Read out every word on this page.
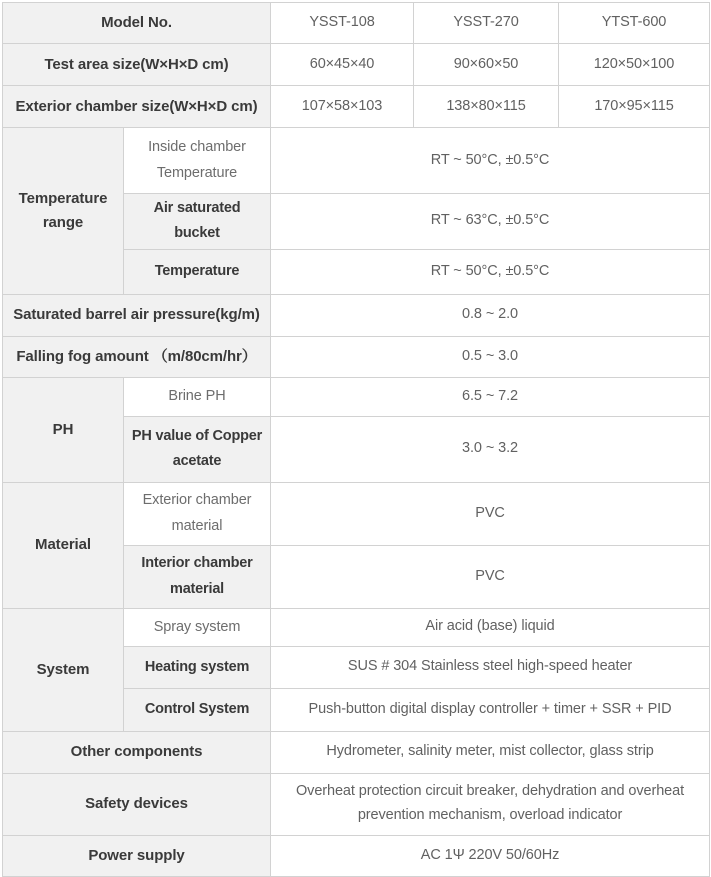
Model No.		YSST-108	YSST-270	YTST-600
Test area size(W×H×D cm)		60×45×40	90×60×50	120×50×100
Exterior chamber size(W×H×D cm)		107×58×103	138×80×115	170×95×115
Temperature range	Inside chamber Temperature	RT ~ 50°C, ±0.5°C		
	Air saturated bucket	RT ~ 63°C, ±0.5°C		
	Temperature	RT ~ 50°C, ±0.5°C		
Saturated barrel air pressure(kg/m)		0.8 ~ 2.0		
Falling fog amount （m/80cm/hr）		0.5 ~ 3.0		
PH	Brine PH	6.5 ~ 7.2		
	PH value of Copper acetate	3.0 ~ 3.2		
Material	Exterior chamber material	PVC		
	Interior chamber material	PVC		
System	Spray system	Air acid (base) liquid		
	Heating system	SUS # 304 Stainless steel high-speed heater		
	Control System	Push-button digital display controller + timer + SSR + PID		
Other components		Hydrometer, salinity meter, mist collector, glass strip		
Safety devices		Overheat protection circuit breaker, dehydration and overheat prevention mechanism, overload indicator		
Power supply		AC 1Ψ 220V 50/60Hz		
